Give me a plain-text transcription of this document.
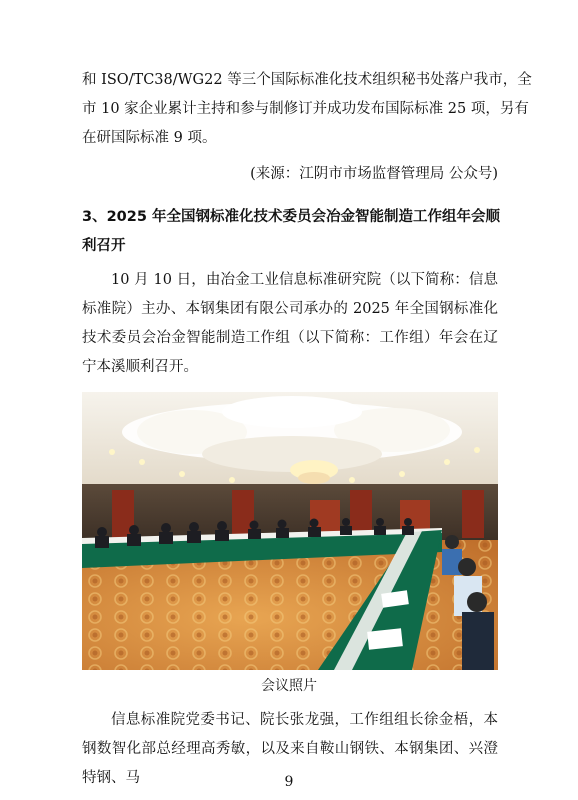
和 ISO/TC38/WG22 等三个国际标准化技术组织秘书处落户我市，全
市 10 家企业累计主持和参与制修订并成功发布国际标准 25 项，另有
在研国际标准 9 项。

(来源：江阴市市场监督管理局 公众号)

3、2025 年全国钢标准化技术委员会冶金智能制造工作组年会顺利召开

10 月 10 日，由冶金工业信息标准研究院（以下简称：信息标准院）主办、本钢集团有限公司承办的 2025 年全国钢标准化技术委员会冶金智能制造工作组（以下简称：工作组）年会在辽宁本溪顺利召开。

会议照片

信息标准院党委书记、院长张龙强，工作组组长徐金梧，本钢数智化部总经理高秀敏，以及来自鞍山钢铁、本钢集团、兴澄特钢、马	9
